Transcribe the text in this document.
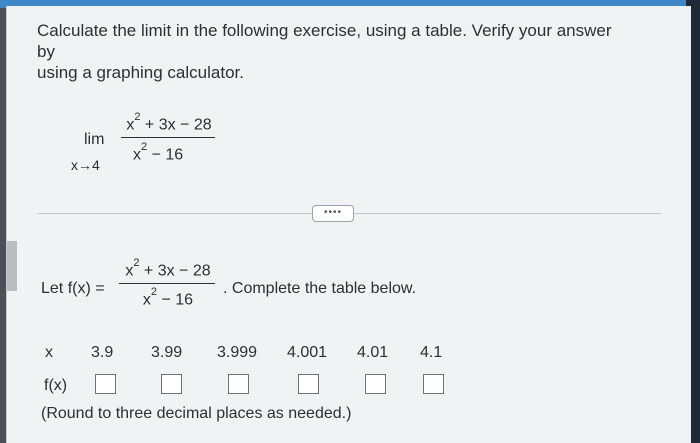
Calculate the limit in the following exercise, using a table. Verify your answer
by
using a graphing calculator.
lim
x→4
$x^2 + 3x - 28$
$x^2 - 16$
••••
Let f(x) =
$x^2 + 3x - 28$
$x^2 - 16$
. Complete the table below.
x 3.9 3.99 3.999 4.001 4.01 4.1
f(x)
(Round to three decimal places as needed.)
